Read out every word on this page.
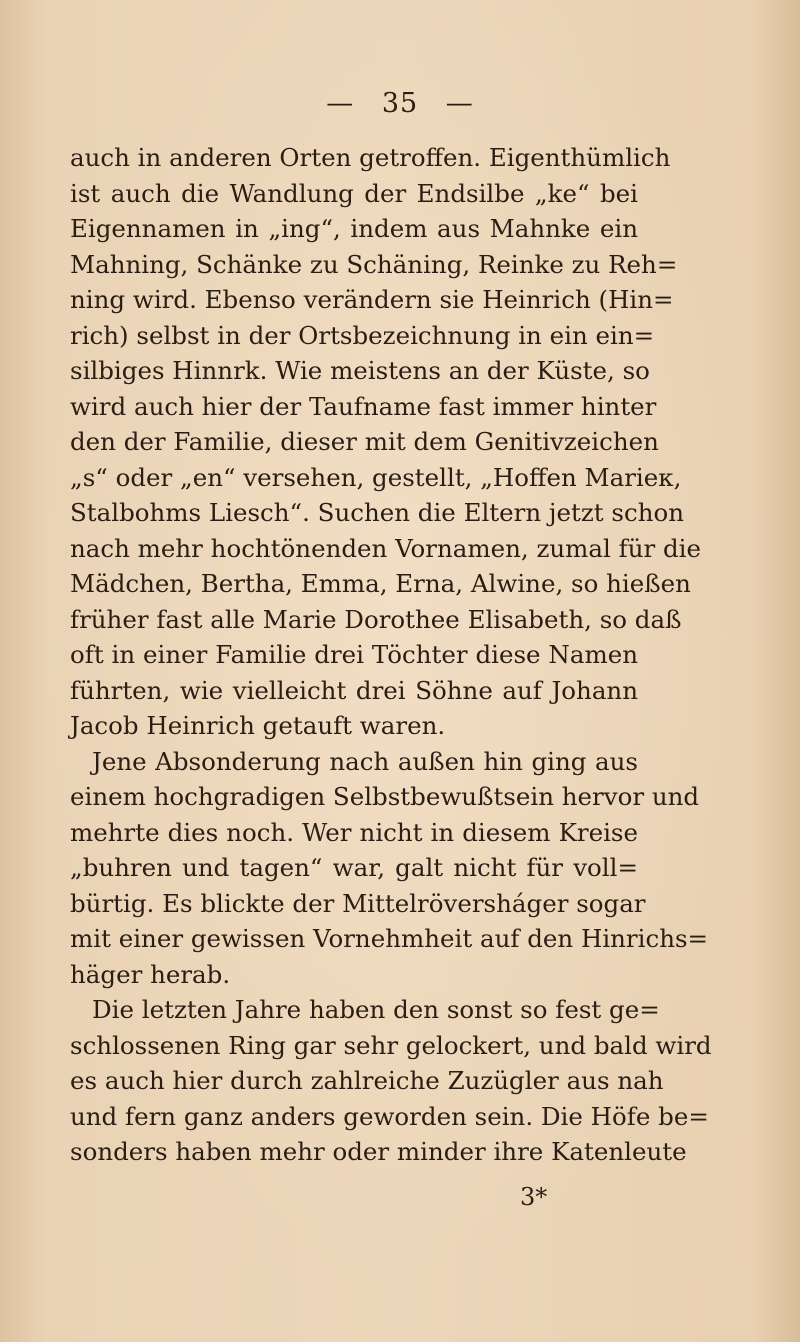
— 35 —
auch in anderen Orten getroffen. Eigenthümlich
ist auch die Wandlung der Endsilbe „ke“ bei
Eigennamen in „ing“, indem aus Mahnke ein
Mahning, Schänke zu Schäning, Reinke zu Reh=
ning wird. Ebenso verändern sie Heinrich (Hin=
rich) selbst in der Ortsbezeichnung in ein ein=
silbiges Hinnrk. Wie meistens an der Küste, so
wird auch hier der Taufname fast immer hinter
den der Familie, dieser mit dem Genitivzeichen
„s“ oder „en“ versehen, gestellt, „Hoffen Marieк,
Stalbohms Liesch“. Suchen die Eltern jetzt schon
nach mehr hochtönenden Vornamen, zumal für die
Mädchen, Bertha, Emma, Erna, Alwine, so hießen
früher fast alle Marie Dorothee Elisabeth, so daß
oft in einer Familie drei Töchter diese Namen
führten, wie vielleicht drei Söhne auf Johann
Jacob Heinrich getauft waren.
Jene Absonderung nach außen hin ging aus
einem hochgradigen Selbstbewußtsein hervor und
mehrte dies noch. Wer nicht in diesem Kreise
„buhren und tagen“ war, galt nicht für voll=
bürtig. Es blickte der Mittelröversháger sogar
mit einer gewissen Vornehmheit auf den Hinrichs=
häger herab.
Die letzten Jahre haben den sonst so fest ge=
schlossenen Ring gar sehr gelockert, und bald wird
es auch hier durch zahlreiche Zuzügler aus nah
und fern ganz anders geworden sein. Die Höfe be=
sonders haben mehr oder minder ihre Katenleute
3*
